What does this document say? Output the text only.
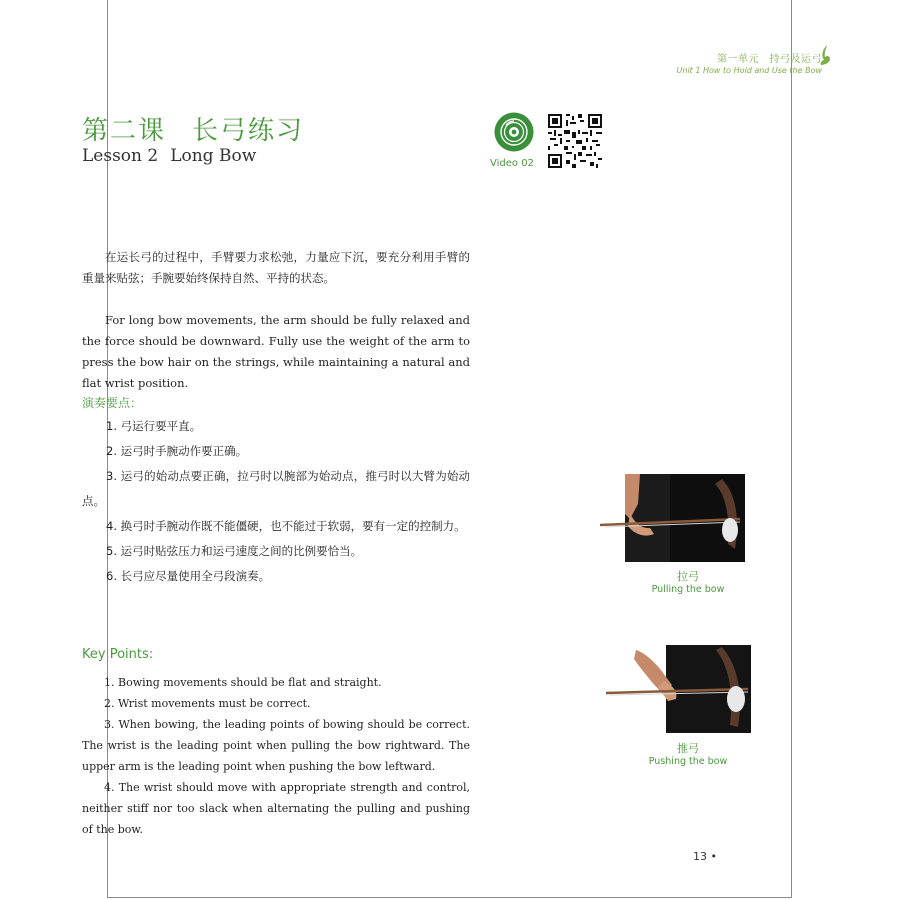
第一单元　持弓及运弓
Unit 1 How to Hold and Use the Bow
第二课 长弓练习
Lesson 2 Long Bow	Video 02
在运长弓的过程中，手臂要力求松弛，力量应下沉，要充分利用手臂的重量来贴弦；手腕要始终保持自然、平持的状态。
For long bow movements, the arm should be fully relaxed and the force should be downward. Fully use the weight of the arm to press the bow hair on the strings, while maintaining a natural and flat wrist position.
演奏要点：
1. 弓运行要平直。
2. 运弓时手腕动作要正确。
3. 运弓的始动点要正确，拉弓时以腕部为始动点，推弓时以大臂为始动点。
4. 换弓时手腕动作既不能僵硬，也不能过于软弱，要有一定的控制力。
5. 运弓时贴弦压力和运弓速度之间的比例要恰当。
6. 长弓应尽量使用全弓段演奏。
Key Points:
1. Bowing movements should be flat and straight.
2. Wrist movements must be correct.
3. When bowing, the leading points of bowing should be correct. The wrist is the leading point when pulling the bow rightward. The upper arm is the leading point when pushing the bow leftward.
4. The wrist should move with appropriate strength and control, neither stiff nor too slack when alternating the pulling and pushing of the bow.
拉弓
Pulling the bow
推弓
Pushing the bow
13 •
